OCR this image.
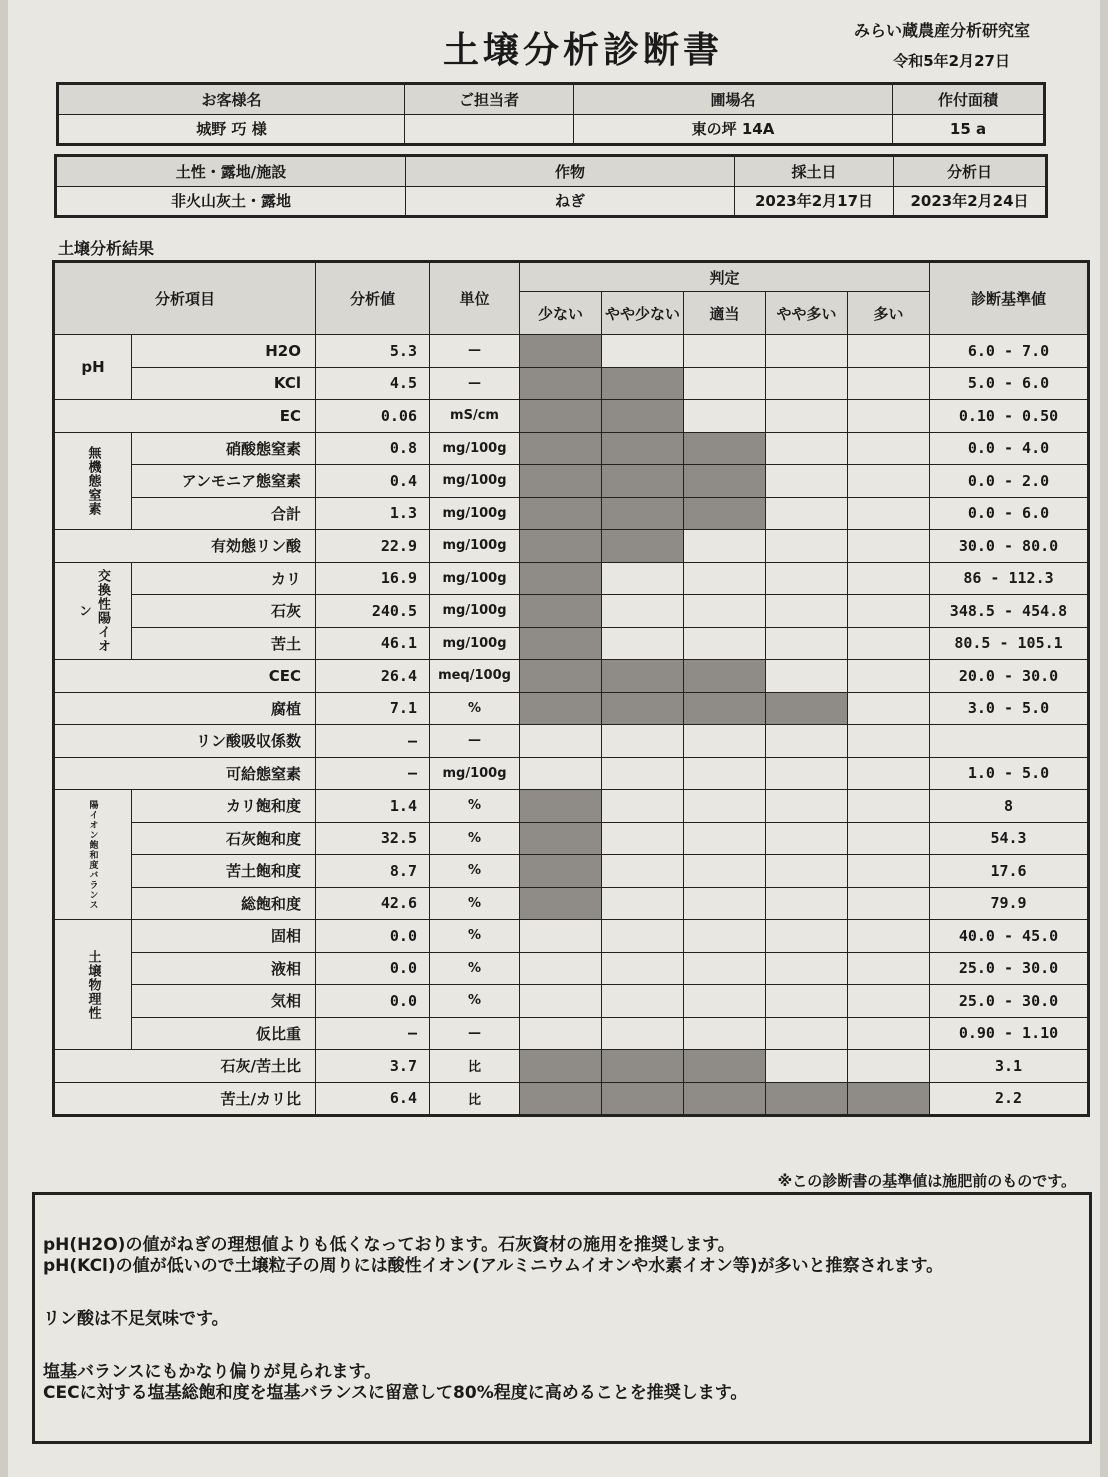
土壌分析診断書	みらい蔵農産分析研究室
令和5年2月27日
お客様名	ご担当者	圃場名	作付面積
城野 巧 様		東の坪 14A	15 a
土性・露地/施設	作物	採土日	分析日
非火山灰土・露地	ねぎ	2023年2月17日	2023年2月24日
土壌分析結果
分析項目		分析値	単位	判定					診断基準値
				少ない	やや少ない	適当	やや多い	多い	
pH	H2O	5.3	—						6.0 - 7.0
	KCl	4.5	—						5.0 - 6.0
EC		0.06	mS/cm						0.10 - 0.50
無機態窒素	硝酸態窒素	0.8	mg/100g						0.0 - 4.0
	アンモニア態窒素	0.4	mg/100g						0.0 - 2.0
	合計	1.3	mg/100g						0.0 - 6.0
有効態リン酸		22.9	mg/100g						30.0 - 80.0
交換性陽イオン	カリ	16.9	mg/100g						86 - 112.3
	石灰	240.5	mg/100g						348.5 - 454.8
	苦土	46.1	mg/100g						80.5 - 105.1
CEC		26.4	meq/100g						20.0 - 30.0
腐植		7.1	%						3.0 - 5.0
リン酸吸収係数		—	—						
可給態窒素		—	mg/100g						1.0 - 5.0
陽イオン飽和度バランス	カリ飽和度	1.4	%						8
	石灰飽和度	32.5	%						54.3
	苦土飽和度	8.7	%						17.6
	総飽和度	42.6	%						79.9
土壌物理性	固相	0.0	%						40.0 - 45.0
	液相	0.0	%						25.0 - 30.0
	気相	0.0	%						25.0 - 30.0
	仮比重	—	—						0.90 - 1.10
石灰/苦土比		3.7	比						3.1
苦土/カリ比		6.4	比						2.2
※この診断書の基準値は施肥前のものです。

pH(H2O)の値がねぎの理想値よりも低くなっております。石灰資材の施用を推奨します。

pH(KCl)の値が低いので土壌粒子の周りには酸性イオン(アルミニウムイオンや水素イオン等)が多いと推察されます。

リン酸は不足気味です。

塩基バランスにもかなり偏りが見られます。

CECに対する塩基総飽和度を塩基バランスに留意して80%程度に高めることを推奨します。
